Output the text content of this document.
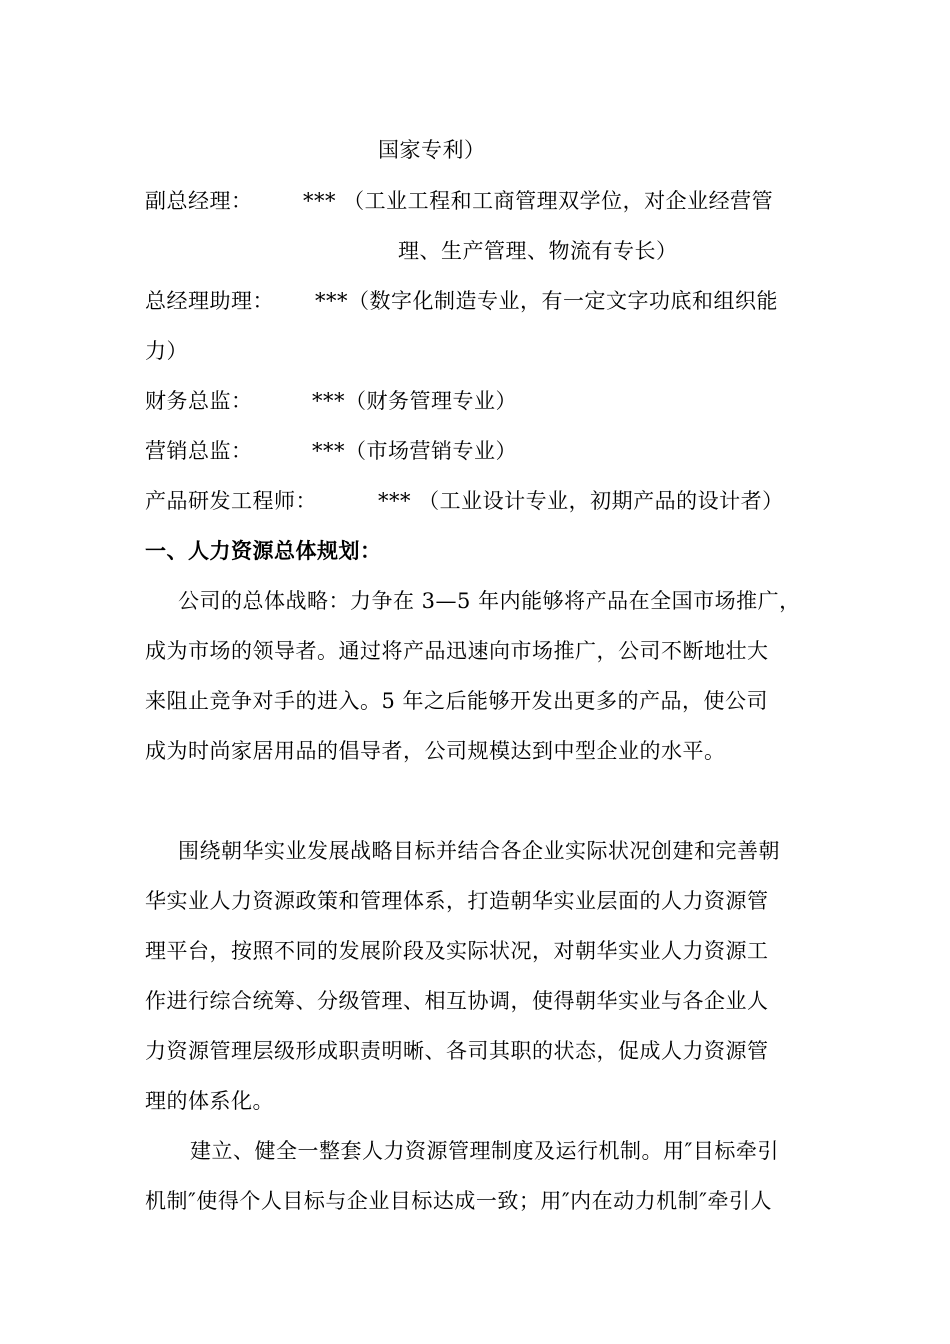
国家专利）
副总经理： *** （工业工程和工商管理双学位，对企业经营管
理、生产管理、物流有专长）
总经理助理： ***（数字化制造专业，有一定文字功底和组织能
力）
财务总监：	***（财务管理专业）
营销总监：	***（市场营销专业）
产品研发工程师：	*** （工业设计专业，初期产品的设计者）
一、人力资源总体规划：
公司的总体战略：力争在 3—5 年内能够将产品在全国市场推广，
成为市场的领导者。通过将产品迅速向市场推广，公司不断地壮大
来阻止竞争对手的进入。5 年之后能够开发出更多的产品，使公司
成为时尚家居用品的倡导者，公司规模达到中型企业的水平。
围绕朝华实业发展战略目标并结合各企业实际状况创建和完善朝
华实业人力资源政策和管理体系，打造朝华实业层面的人力资源管
理平台，按照不同的发展阶段及实际状况，对朝华实业人力资源工
作进行综合统筹、分级管理、相互协调，使得朝华实业与各企业人
力资源管理层级形成职责明晰、各司其职的状态，促成人力资源管
理的体系化。
建立、健全一整套人力资源管理制度及运行机制。用″目标牵引
机制″使得个人目标与企业目标达成一致；用″内在动力机制″牵引人
